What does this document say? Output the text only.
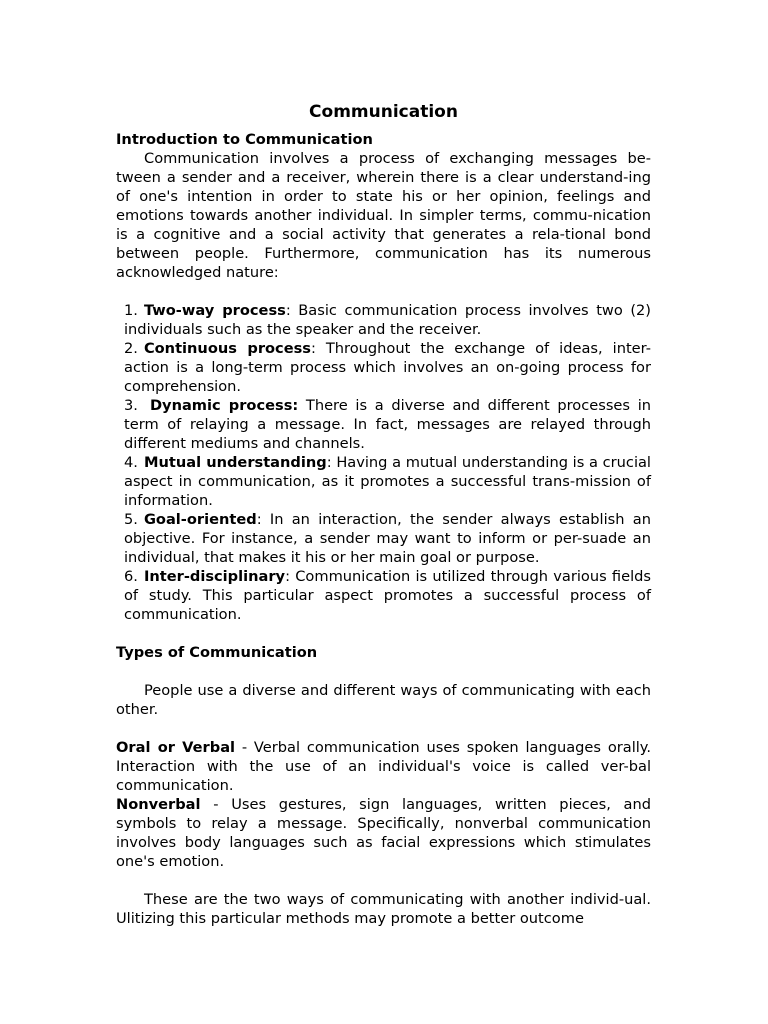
Communication
Introduction to Communication

Communication involves a process of exchanging messages be-tween a sender and a receiver, wherein there is a clear understand-ing of one's intention in order to state his or her opinion, feelings and emotions towards another individual. In simpler terms, commu-nication is a cognitive and a social activity that generates a rela-tional bond between people. Furthermore, communication has its numerous acknowledged nature:

1. Two-way process: Basic communication process involves two (2) individuals such as the speaker and the receiver.
2. Continuous process: Throughout the exchange of ideas, inter-action is a long-term process which involves an on-going process for comprehension.
3. Dynamic process: There is a diverse and different processes in term of relaying a message. In fact, messages are relayed through different mediums and channels.
4. Mutual understanding: Having a mutual understanding is a crucial aspect in communication, as it promotes a successful trans-mission of information.
5. Goal-oriented: In an interaction, the sender always establish an objective. For instance, a sender may want to inform or per-suade an individual, that makes it his or her main goal or purpose.
6. Inter-disciplinary: Communication is utilized through various fields of study. This particular aspect promotes a successful process of communication.
Types of Communication

People use a diverse and different ways of communicating with each other.

Oral or Verbal - Verbal communication uses spoken languages orally. Interaction with the use of an individual's voice is called ver-bal communication.

Nonverbal - Uses gestures, sign languages, written pieces, and symbols to relay a message. Specifically, nonverbal communication involves body languages such as facial expressions which stimulates one's emotion.

These are the two ways of communicating with another individ-ual. Ulitizing this particular methods may promote a better outcome
